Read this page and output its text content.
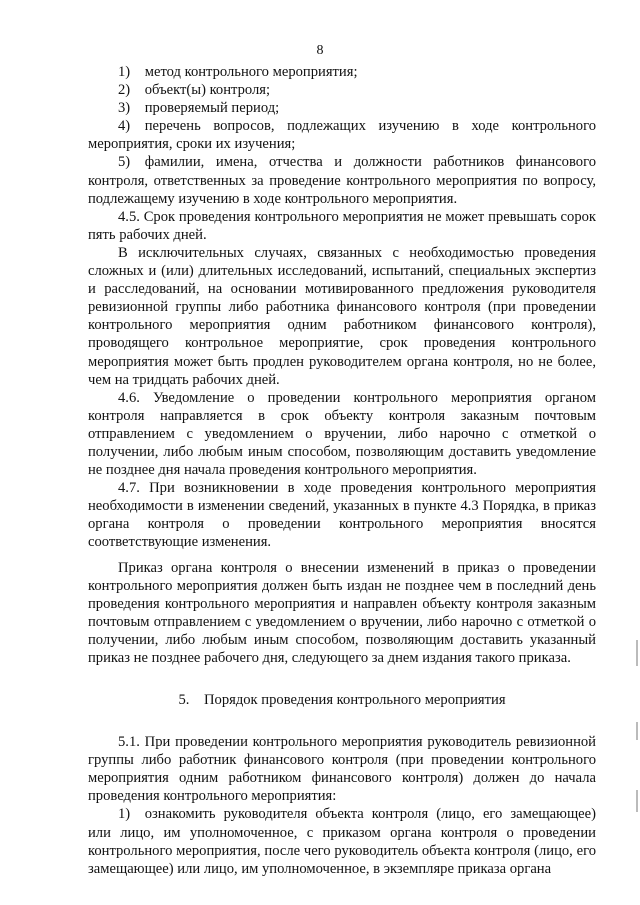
8

1) метод контрольного мероприятия;

2) объект(ы) контроля;

3) проверяемый период;

4) перечень вопросов, подлежащих изучению в ходе контрольного мероприятия, сроки их изучения;

5) фамилии, имена, отчества и должности работников финансового контроля, ответственных за проведение контрольного мероприятия по вопросу, подлежащему изучению в ходе контрольного мероприятия.

4.5. Срок проведения контрольного мероприятия не может превышать сорок пять рабочих дней.

В исключительных случаях, связанных с необходимостью проведения сложных и (или) длительных исследований, испытаний, специальных экспертиз и расследований, на основании мотивированного предложения руководителя ревизионной группы либо работника финансового контроля (при проведении контрольного мероприятия одним работником финансового контроля), проводящего контрольное мероприятие, срок проведения контрольного мероприятия может быть продлен руководителем органа контроля, но не более, чем на тридцать рабочих дней.

4.6. Уведомление о проведении контрольного мероприятия органом контроля направляется в срок объекту контроля заказным почтовым отправлением с уведомлением о вручении, либо нарочно с отметкой о получении, либо любым иным способом, позволяющим доставить уведомление не позднее дня начала проведения контрольного мероприятия.

4.7. При возникновении в ходе проведения контрольного мероприятия необходимости в изменении сведений, указанных в пункте 4.3 Порядка, в приказ органа контроля о проведении контрольного мероприятия вносятся соответствующие изменения.

Приказ органа контроля о внесении изменений в приказ о проведении контрольного мероприятия должен быть издан не позднее чем в последний день проведения контрольного мероприятия и направлен объекту контроля заказным почтовым отправлением с уведомлением о вручении, либо нарочно с отметкой о получении, либо любым иным способом, позволяющим доставить указанный приказ не позднее рабочего дня, следующего за днем издания такого приказа.

5. Порядок проведения контрольного мероприятия

5.1. При проведении контрольного мероприятия руководитель ревизионной группы либо работник финансового контроля (при проведении контрольного мероприятия одним работником финансового контроля) должен до начала проведения контрольного мероприятия:

1) ознакомить руководителя объекта контроля (лицо, его замещающее) или лицо, им уполномоченное, с приказом органа контроля о проведении контрольного мероприятия, после чего руководитель объекта контроля (лицо, его замещающее) или лицо, им уполномоченное, в экземпляре приказа органа
